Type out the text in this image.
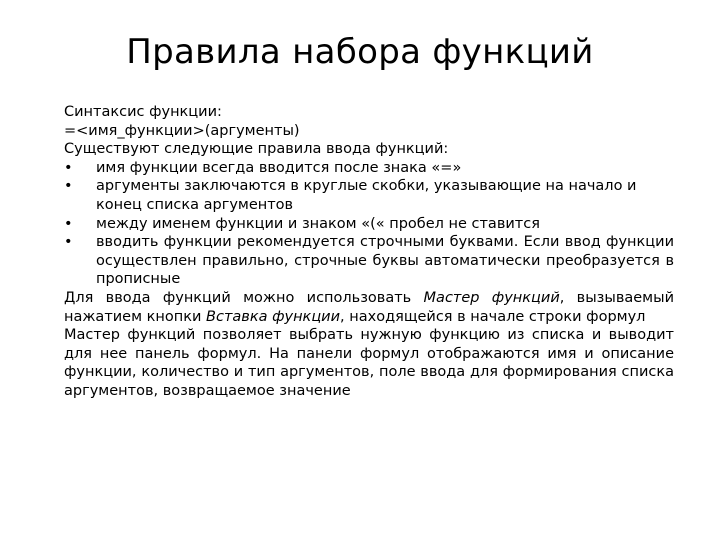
Правила набора функций

Синтаксис функции:

=<имя_функции>(аргументы)

Существуют следующие правила ввода функций:

•	имя функции всегда вводится после знака «=»
•	аргументы заключаются в круглые скобки, указывающие на начало и конец списка аргументов
•	между именем функции и знаком «(« пробел не ставится
•	вводить функции рекомендуется строчными буквами. Если ввод функции осуществлен правильно, строчные буквы автоматически преобразуется в прописные

Для ввода функций можно использовать Мастер функций, вызываемый нажатием кнопки Вставка функции, находящейся в начале строки формул

Мастер функций позволяет выбрать нужную функцию из списка и выводит для нее панель формул. На панели формул отображаются имя и описание функции, количество и тип аргументов, поле ввода для формирования списка аргументов, возвращаемое значение
